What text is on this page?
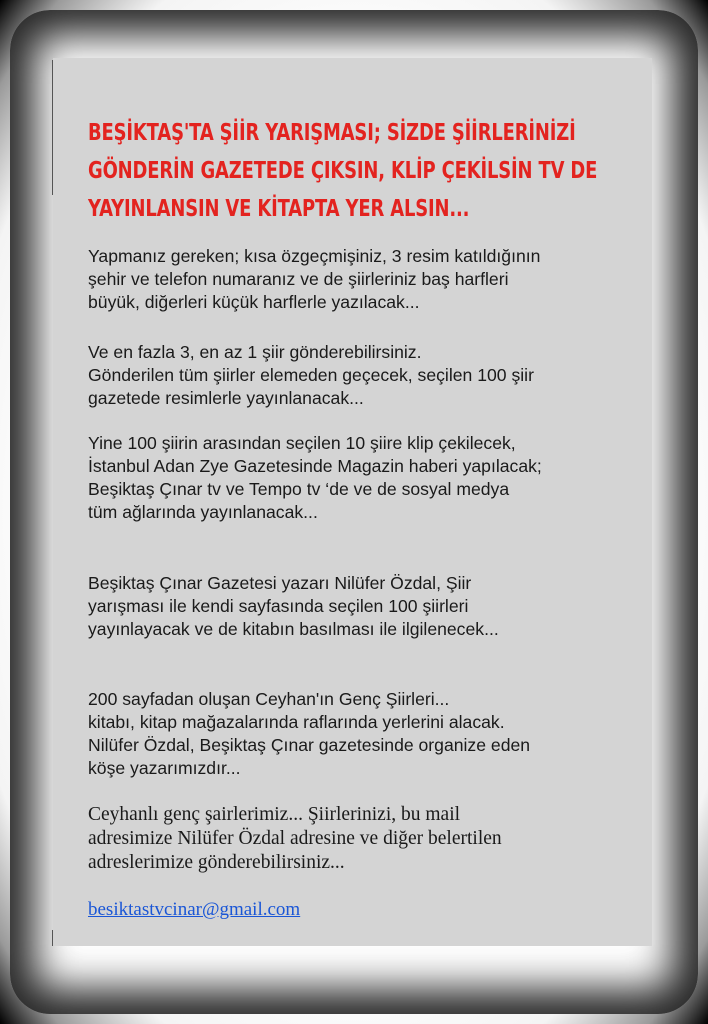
BEŞİKTAŞ'TA ŞİİR YARIŞMASI; SİZDE ŞİİRLERİNİZİ GÖNDERİN GAZETEDE ÇIKSIN, KLİP ÇEKİLSİN TV DE YAYINLANSIN VE KİTAPTA YER ALSIN...
Yapmanız gereken; kısa özgeçmişiniz, 3 resim katıldığının
şehir ve telefon numaranız ve de şiirleriniz baş harfleri
büyük, diğerleri küçük harflerle yazılacak...
Ve en fazla 3, en az 1 şiir gönderebilirsiniz.
Gönderilen tüm şiirler elemeden geçecek, seçilen 100 şiir
gazetede resimlerle yayınlanacak...
Yine 100 şiirin arasından seçilen 10 şiire klip çekilecek,
İstanbul Adan Zye Gazetesinde Magazin haberi yapılacak;
Beşiktaş Çınar tv ve Tempo tv ‘de ve de sosyal medya
tüm ağlarında yayınlanacak...
Beşiktaş Çınar Gazetesi yazarı Nilüfer Özdal, Şiir
yarışması ile kendi sayfasında seçilen 100 şiirleri
yayınlayacak ve de kitabın basılması ile ilgilenecek...
200 sayfadan oluşan Ceyhan'ın Genç Şiirleri...
kitabı, kitap mağazalarında raflarında yerlerini alacak.
Nilüfer Özdal, Beşiktaş Çınar gazetesinde organize eden
köşe yazarımızdır...
Ceyhanlı genç şairlerimiz... Şiirlerinizi, bu mail
adresimize Nilüfer Özdal adresine ve diğer belertilen
adreslerimize gönderebilirsiniz...
besiktastvcinar@gmail.com
